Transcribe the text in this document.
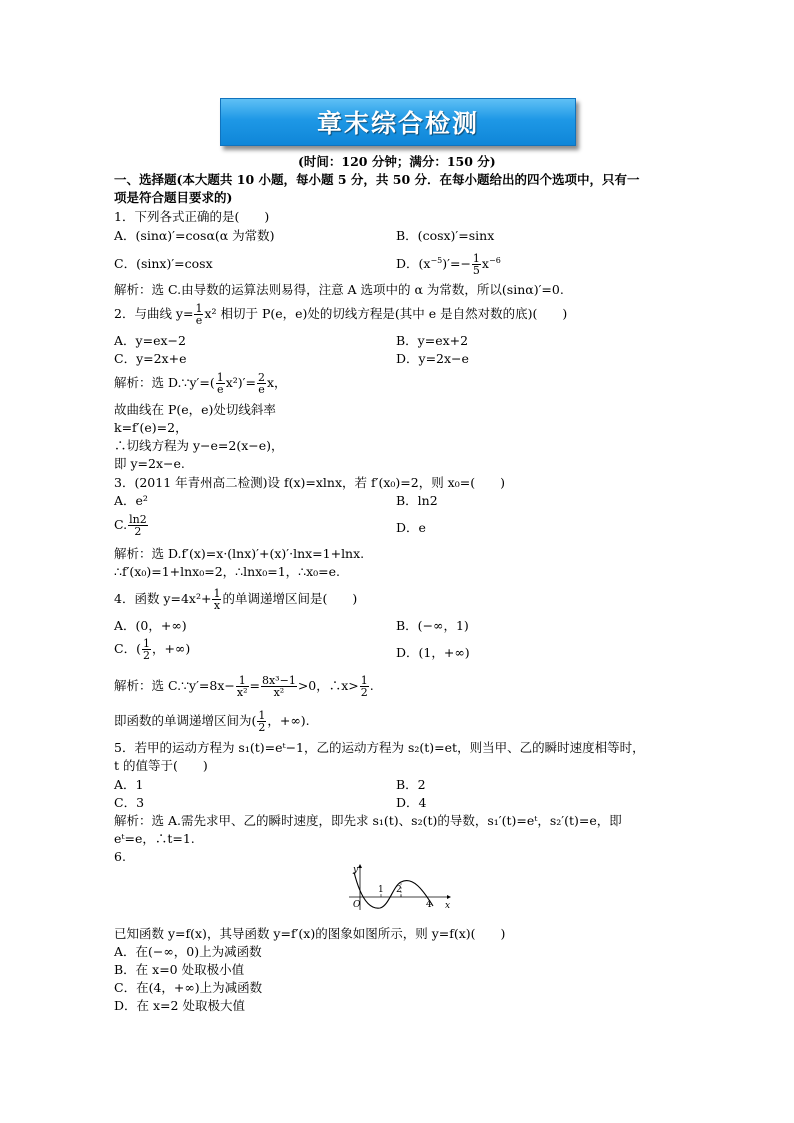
章末综合检测
(时间：120 分钟；满分：150 分)
一、选择题(本大题共 10 小题，每小题 5 分，共 50 分．在每小题给出的四个选项中，只有一
项是符合题目要求的)
1．下列各式正确的是(　　)
A．(sinα)′=cosα(α 为常数)	B．(cosx)′=sinx
C．(sinx)′=cosx	D．$(x^{-5})'=- \frac{1}{5} x^{-6}$
解析：选 C.由导数的运算法则易得，注意 A 选项中的 α 为常数，所以(sinα)′=0.
2．与曲线 $y= \frac{1}{e} x^2$ 相切于 P(e，e)处的切线方程是(其中 e 是自然对数的底)(　　)
A．y=ex−2	B．y=ex+2
C．y=2x+e	D．y=2x−e
解析：选 D.∵y′=( $\frac{1}{e} x^2)'= \frac{2}{e}$ x，
故曲线在 P(e，e)处切线斜率
k=f′(e)=2，
∴切线方程为 y−e=2(x−e)，
即 y=2x−e.
3．(2011 年青州高二检测)设 f(x)=xlnx，若 f′(x₀)=2，则 x₀=(　　)
A．e²	B．ln2
C. $\frac{\ln 2}{2}$	D．e
解析：选 D.f′(x)=x·(lnx)′+(x)′·lnx=1+lnx.
∴f′(x₀)=1+lnx₀=2，∴lnx₀=1，∴x₀=e.
4．函数 $y=4x^2+ \frac{1}{x}$ 的单调递增区间是(　　)
A．(0，+∞)	B．(−∞，1)
C．( $\frac{1}{2}$ ，+∞)	D．(1，+∞)
解析：选 C.∵y′=8x− $\frac{1}{\text{x²}} = \frac{\text{8x³−1}}{\text{x²}} >0$，∴x> $\frac{1}{2}$ .
即函数的单调递增区间为( $\frac{1}{2}$ ，+∞).
5．若甲的运动方程为 s₁(t)=eᵗ−1，乙的运动方程为 s₂(t)=et，则当甲、乙的瞬时速度相等时，
t 的值等于(　　)
A．1	B．2
C．3	D．4
解析：选 A.需先求甲、乙的瞬时速度，即先求 s₁(t)、s₂(t)的导数，s₁′(t)=eᵗ，s₂′(t)=e，即
eᵗ=e，∴t=1.
6.
y
x
O
1 2
4
已知函数 y=f(x)，其导函数 y=f′(x)的图象如图所示，则 y=f(x)(　　)
A．在(−∞，0)上为减函数
B．在 x=0 处取极小值
C．在(4，+∞)上为减函数
D．在 x=2 处取极大值
